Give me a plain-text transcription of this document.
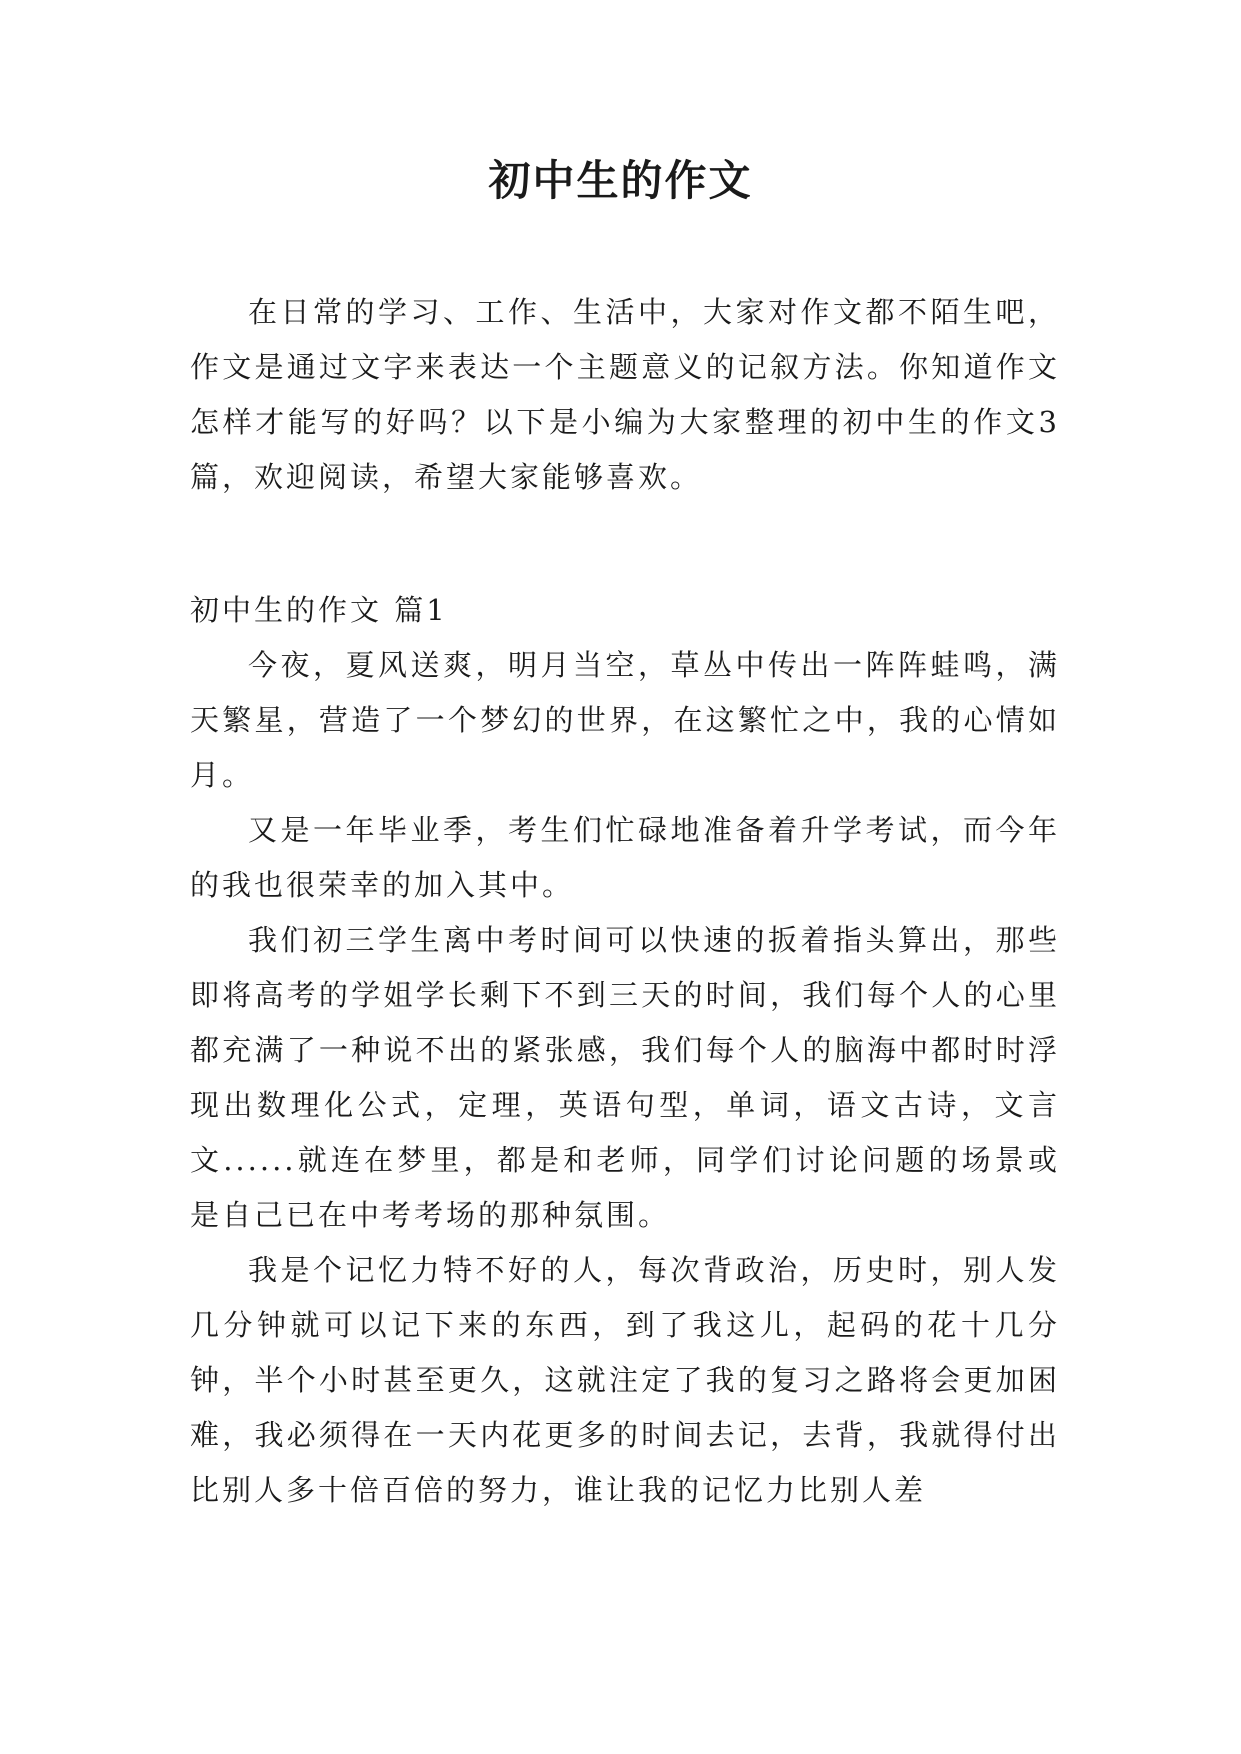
初中生的作文

在日常的学习、工作、生活中，大家对作文都不陌生吧，作文是通过文字来表达一个主题意义的记叙方法。你知道作文怎样才能写的好吗？以下是小编为大家整理的初中生的作文3篇，欢迎阅读，希望大家能够喜欢。

初中生的作文 篇1

今夜，夏风送爽，明月当空，草丛中传出一阵阵蛙鸣，满天繁星，营造了一个梦幻的世界，在这繁忙之中，我的心情如月。

又是一年毕业季，考生们忙碌地准备着升学考试，而今年的我也很荣幸的加入其中。

我们初三学生离中考时间可以快速的扳着指头算出，那些即将高考的学姐学长剩下不到三天的时间，我们每个人的心里都充满了一种说不出的紧张感，我们每个人的脑海中都时时浮现出数理化公式，定理，英语句型，单词，语文古诗，文言文......就连在梦里，都是和老师，同学们讨论问题的场景或是自己已在中考考场的那种氛围。

我是个记忆力特不好的人，每次背政治，历史时，别人发几分钟就可以记下来的东西，到了我这儿，起码的花十几分钟，半个小时甚至更久，这就注定了我的复习之路将会更加困难，我必须得在一天内花更多的时间去记，去背，我就得付出比别人多十倍百倍的努力，谁让我的记忆力比别人差
